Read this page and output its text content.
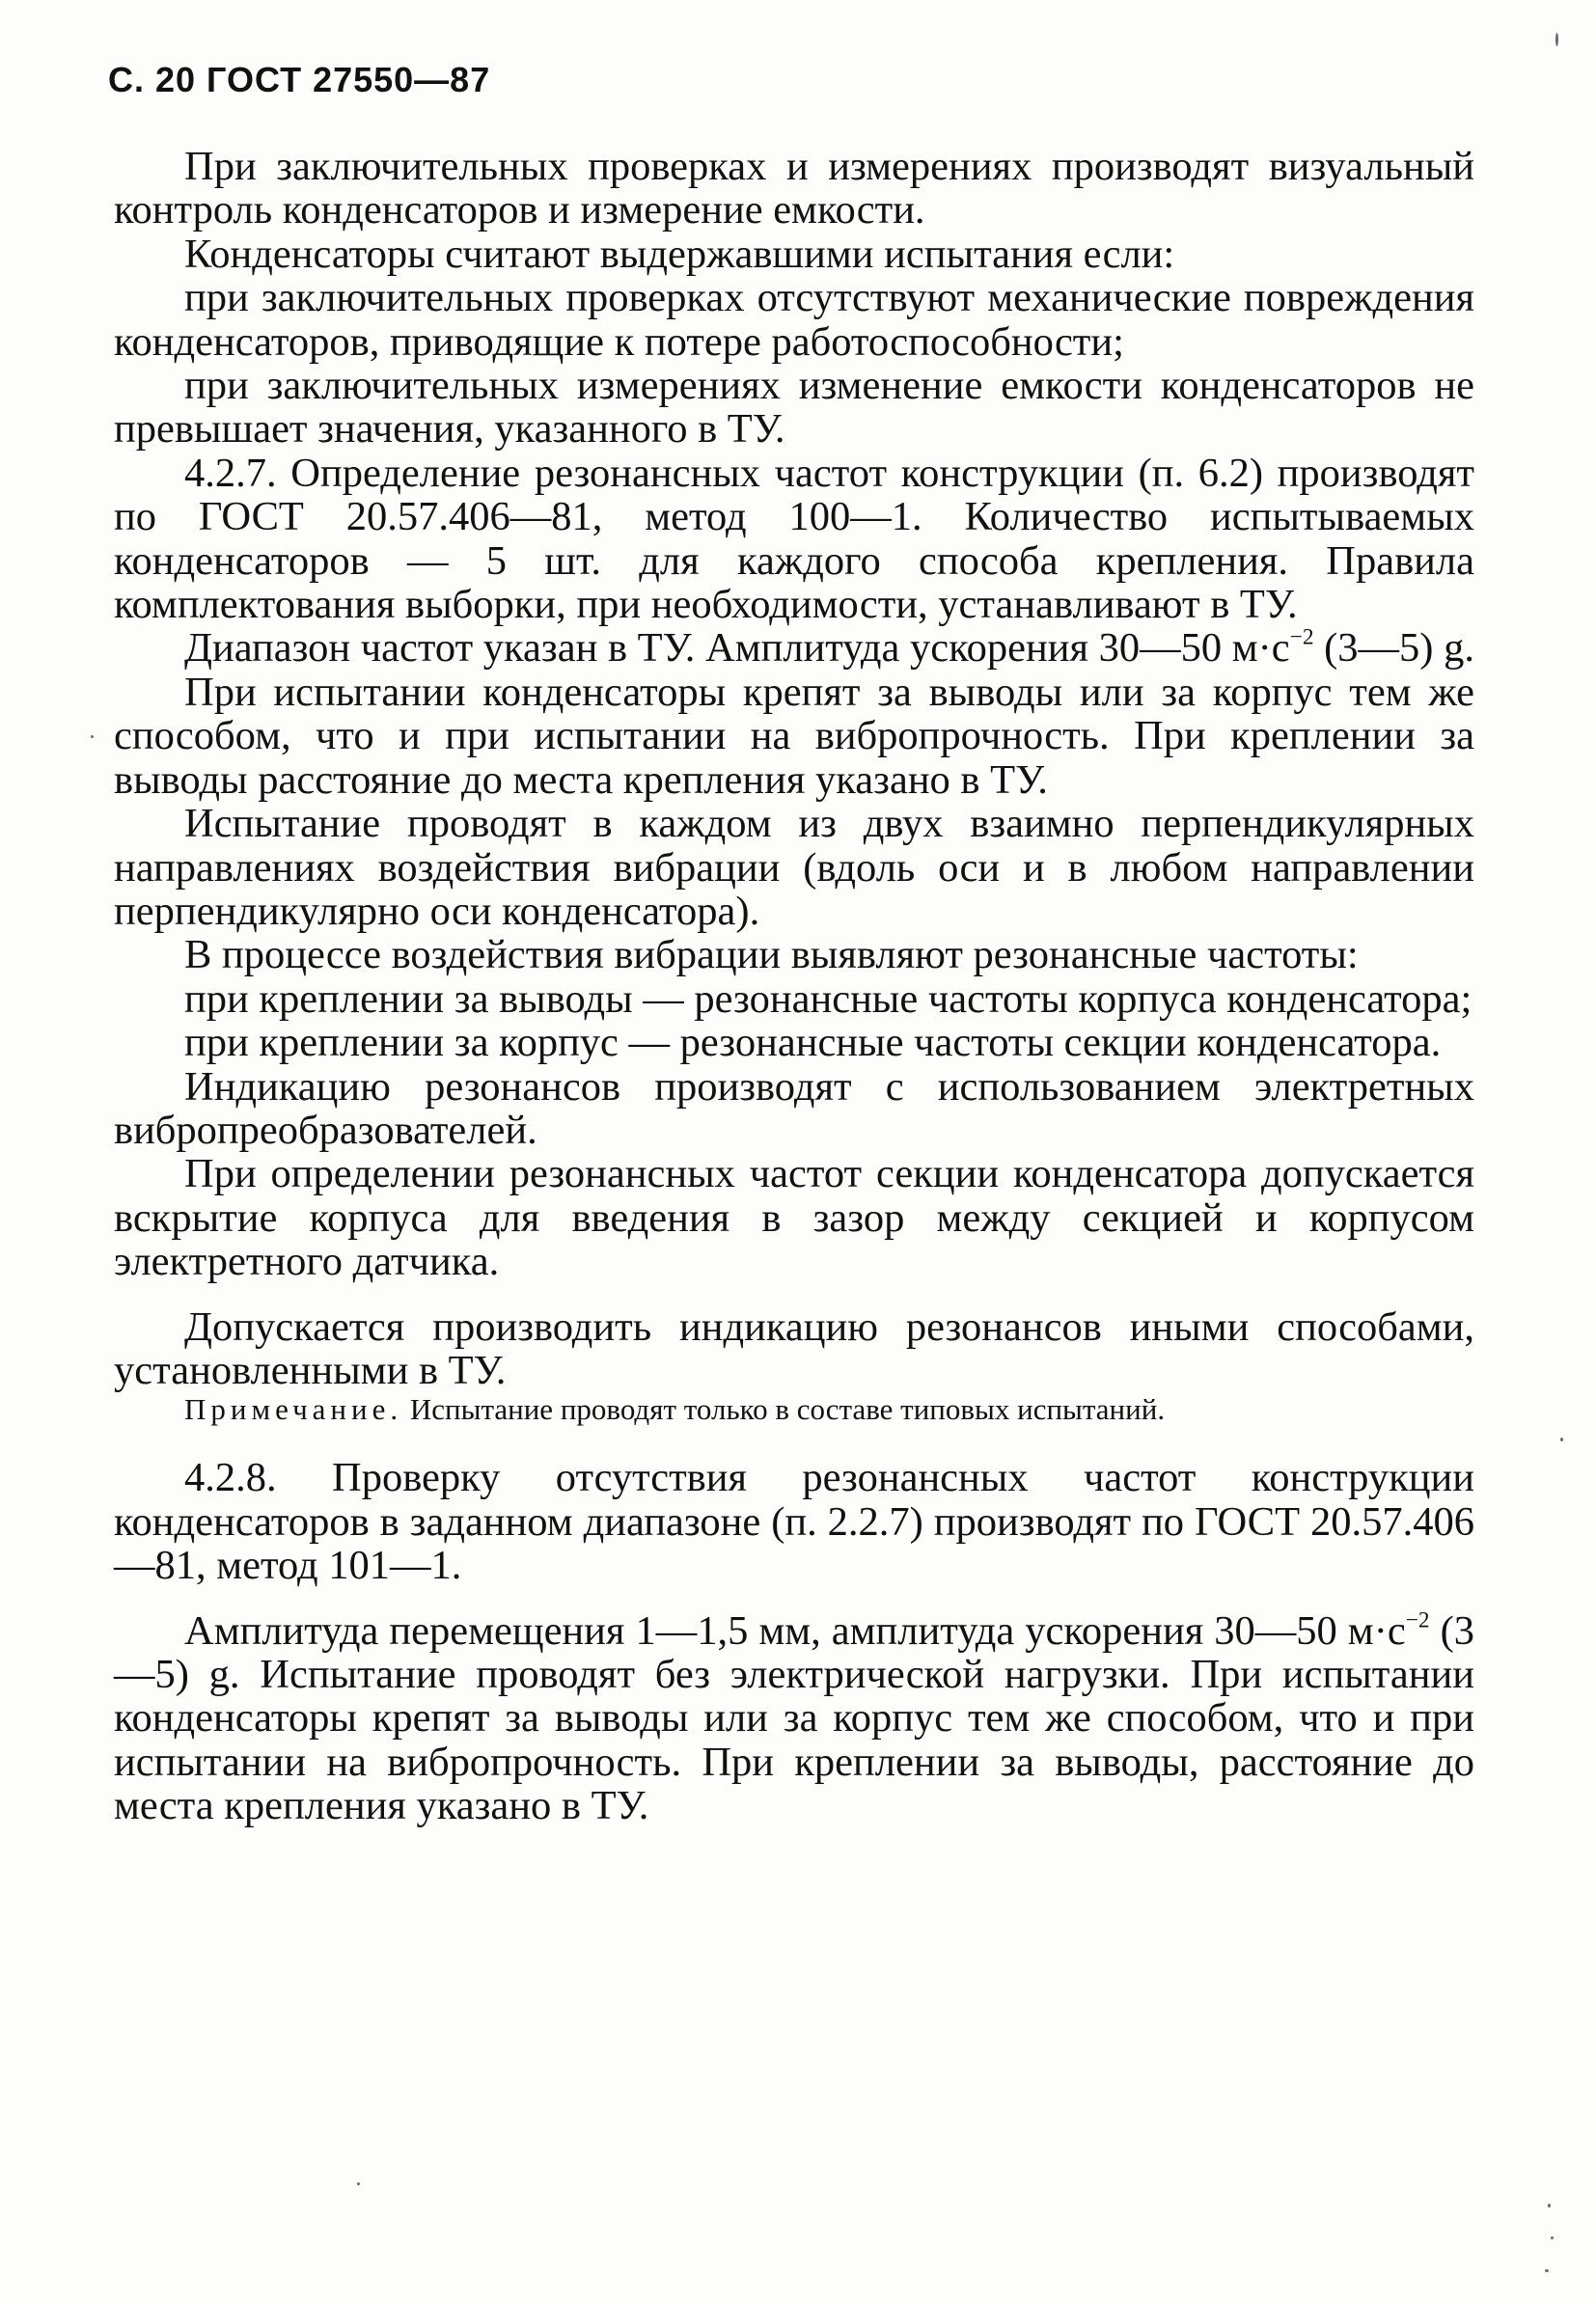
С. 20 ГОСТ 27550—87

При заключительных проверках и измерениях производят визуальный контроль конденсаторов и измерение емкости.

Конденсаторы считают выдержавшими испытания если:

при заключительных проверках отсутствуют механические повреждения конденсаторов, приводящие к потере работоспособности;

при заключительных измерениях изменение емкости конденсаторов не превышает значения, указанного в ТУ.

4.2.7. Определение резонансных частот конструкции (п. 6.2) производят по ГОСТ 20.57.406—81, метод 100—1. Количество испытываемых конденсаторов — 5 шт. для каждого способа крепления. Правила комплектования выборки, при необходимости, устанавливают в ТУ.

Диапазон частот указан в ТУ. Амплитуда ускорения 30—50 $м\cdot с^{-2}$ (3—5) g.

При испытании конденсаторы крепят за выводы или за корпус тем же способом, что и при испытании на вибропрочность. При креплении за выводы расстояние до места крепления указано в ТУ.

Испытание проводят в каждом из двух взаимно перпендикулярных направлениях воздействия вибрации (вдоль оси и в любом направлении перпендикулярно оси конденсатора).

В процессе воздействия вибрации выявляют резонансные частоты:

при креплении за выводы — резонансные частоты корпуса конденсатора;

при креплении за корпус — резонансные частоты секции конденсатора.

Индикацию резонансов производят с использованием электретных вибропреобразователей.

При определении резонансных частот секции конденсатора допускается вскрытие корпуса для введения в зазор между секцией и корпусом электретного датчика.

Допускается производить индикацию резонансов иными способами, установленными в ТУ.

Примечание. Испытание проводят только в составе типовых испытаний.

4.2.8. Проверку отсутствия резонансных частот конструкции конденсаторов в заданном диапазоне (п. 2.2.7) производят по ГОСТ 20.57.406—81, метод 101—1.

Амплитуда перемещения 1—1,5 мм, амплитуда ускорения 30—50 $м\cdot с^{-2}$ (3—5) g. Испытание проводят без электрической нагрузки. При испытании конденсаторы крепят за выводы или за корпус тем же способом, что и при испытании на вибропрочность. При креплении за выводы, расстояние до места крепления указано в ТУ.
